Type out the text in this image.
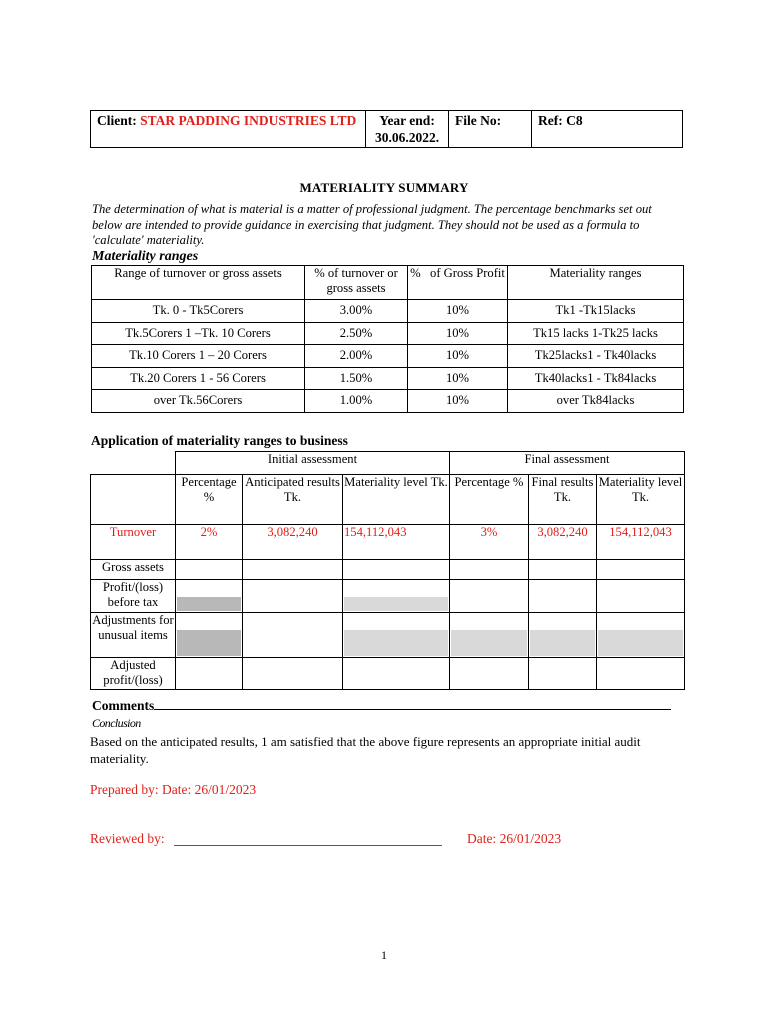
Client: STAR PADDING INDUSTRIES LTD	Year end:
30.06.2022.
	File No:	Ref: C8
MATERIALITY SUMMARY
The determination of what is material is a matter of professional judgment. The percentage benchmarks set out below are intended to provide guidance in exercising that judgment. They should not be used as a formula to 'calculate' materiality.
Materiality ranges
Range of turnover or gross assets	% of turnover or gross assets	%   of Gross Profit	Materiality ranges
Tk. 0 - Tk5Corers	3.00%	10%	Tk1 -Tk15lacks
Tk.5Corers 1 –Tk. 10 Corers	2.50%	10%	Tk15 lacks 1-Tk25 lacks
Tk.10 Corers 1 – 20 Corers	2.00%	10%	Tk25lacks1 - Tk40lacks
Tk.20 Corers 1 - 56 Corers	1.50%	10%	Tk40lacks1 - Tk84lacks
over Tk.56Corers	1.00%	10%	over Tk84lacks
Application of materiality ranges to business
	Initial assessment			Final assessment		
	Percentage %	Anticipated results Tk.	Materiality level Tk.	Percentage %	Final results Tk.	Materiality level Tk.
Turnover	2%	3,082,240	154,112,043	3%	3,082,240	154,112,043
Gross assets						
Profit/(loss) before tax	

Adjustments for unusual items	

Adjusted profit/(loss)						
Comments
Conclusion
Based on the anticipated results, 1 am satisfied that the above figure represents an appropriate initial audit materiality.
Prepared by: Date: 26/01/2023
Reviewed by:	Date: 26/01/2023
1
